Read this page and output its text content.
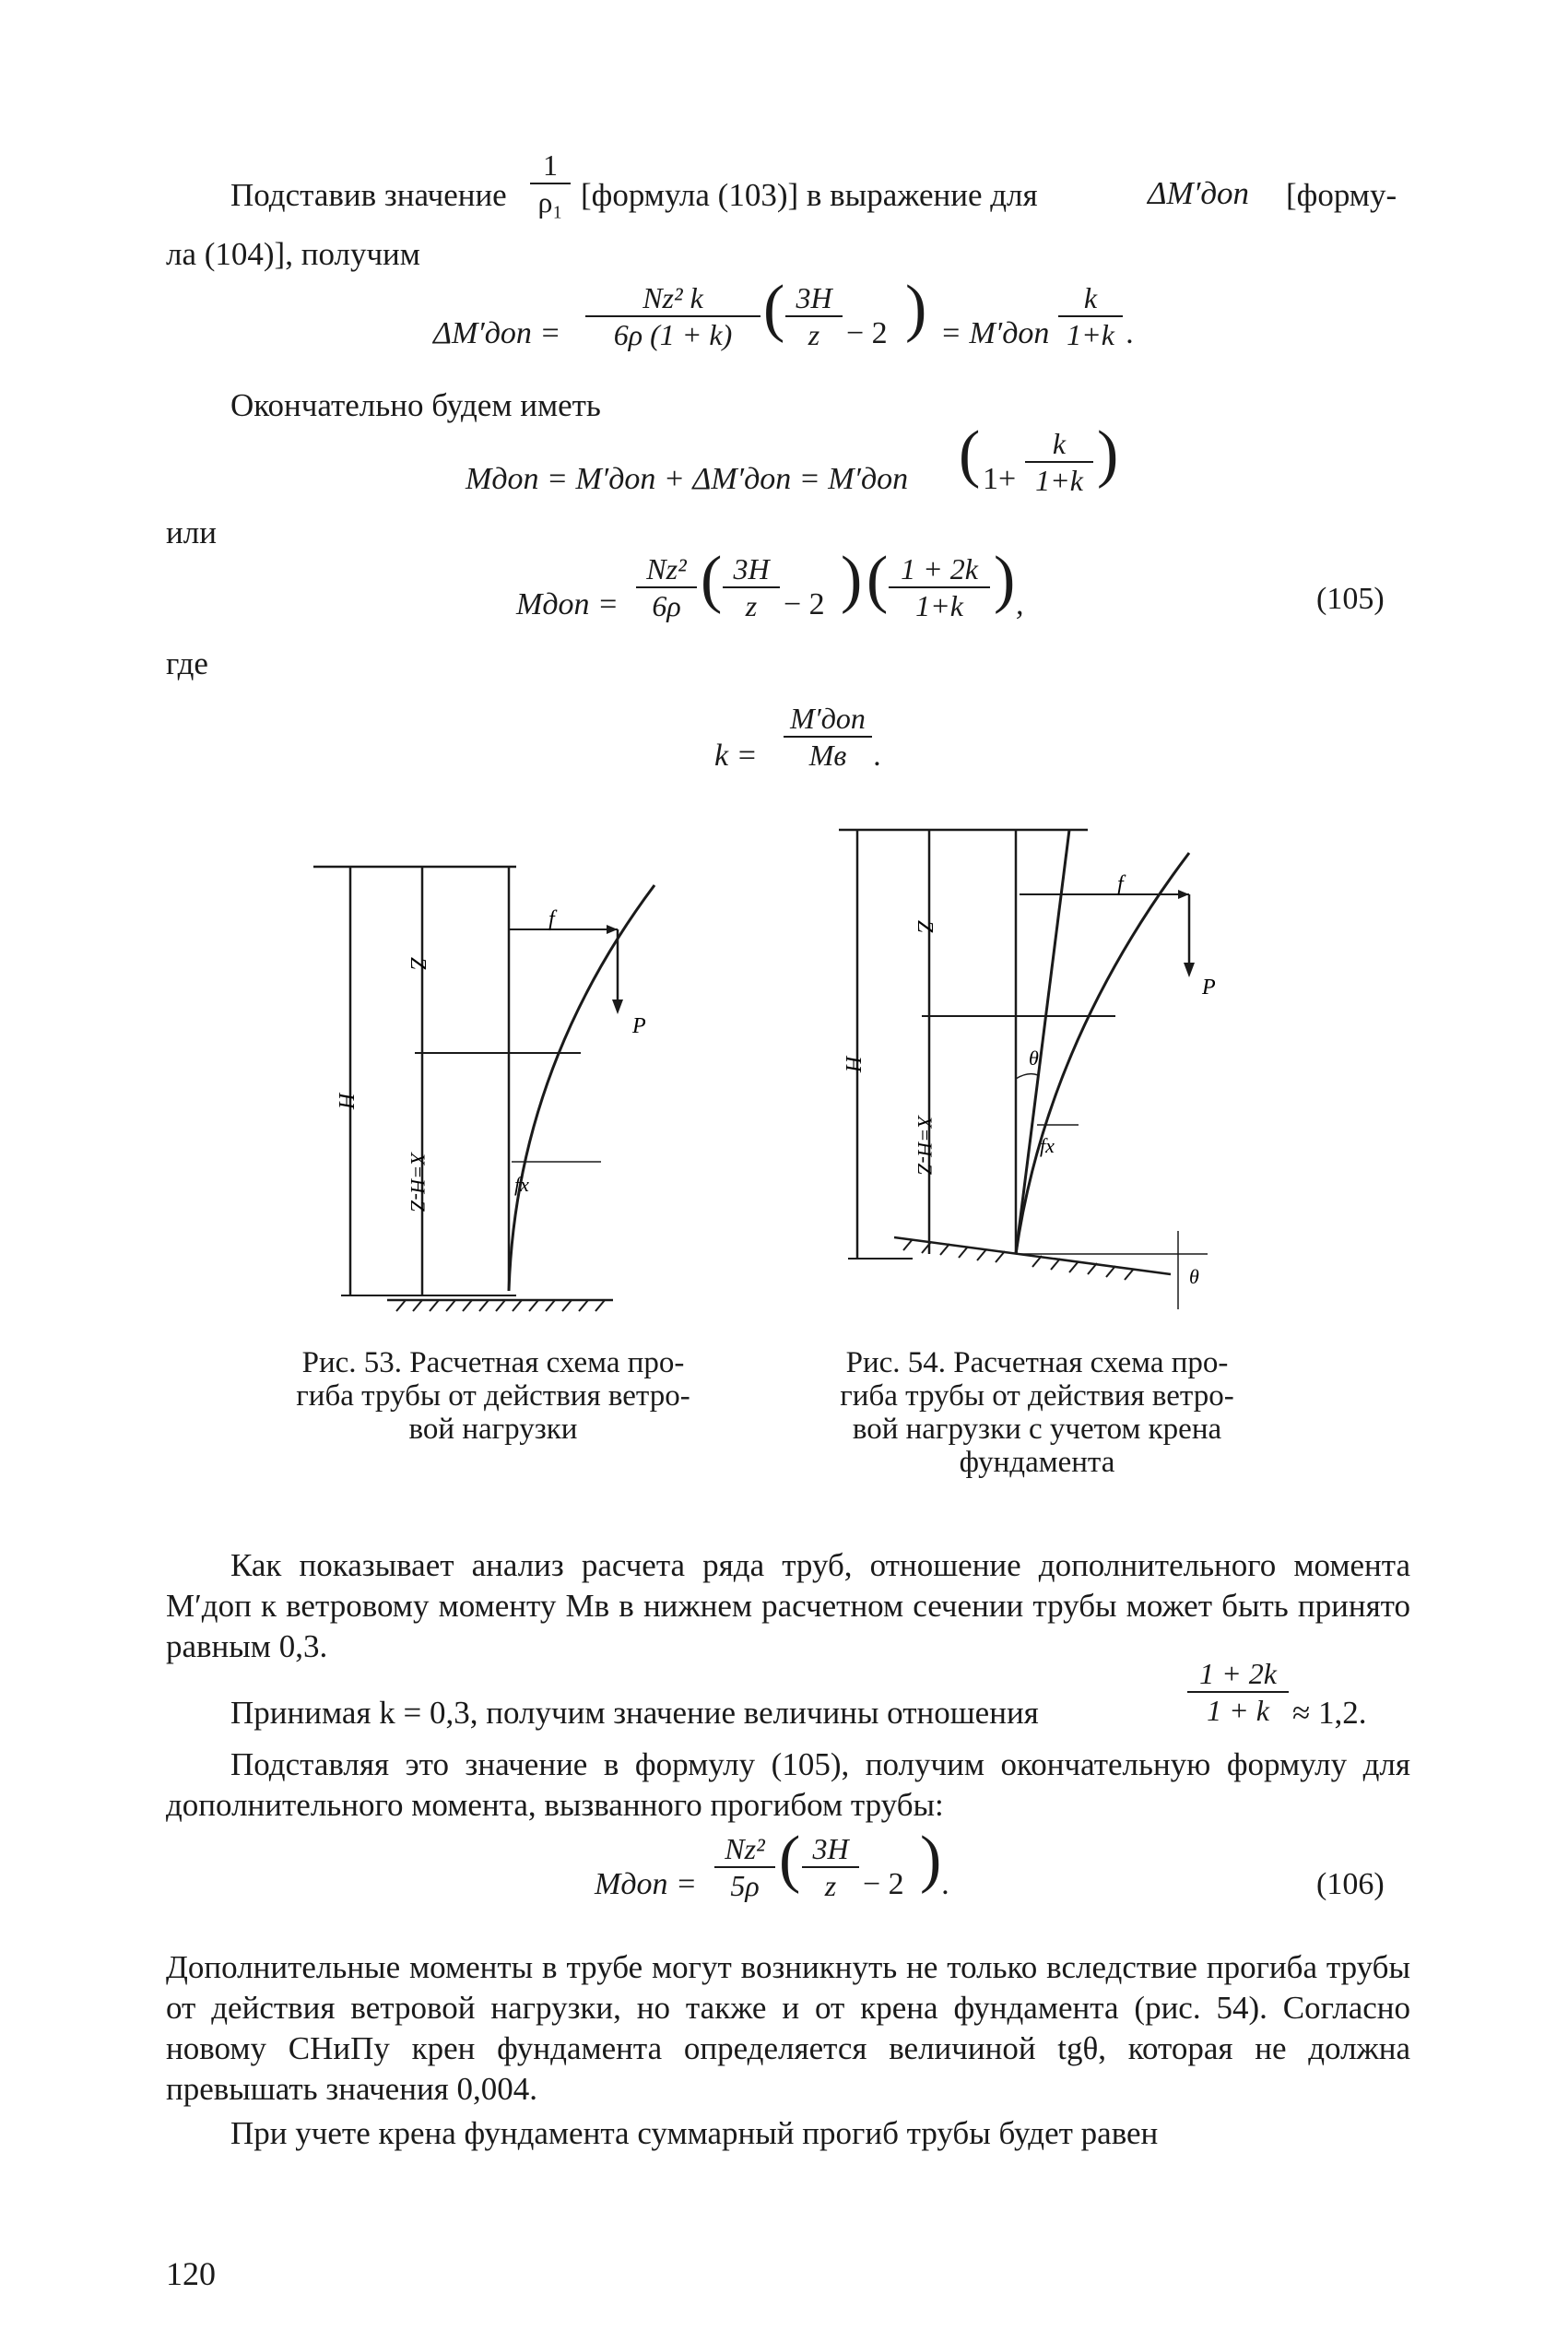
Подставив значение $\frac{1}{\text{ρ₁}}$ [формула (103)] в выражение для	ΔM′доп [форму-
ла (104)], получим
$\Delta M'доп = \frac{\text{Nz² k}}{6\rho (1 + k)}$ ( $\frac{3H}{z} - 2$ ) = $M'доп \frac{k}{1+k}$ .
Окончательно будем иметь
Mдоп = M′доп + ΔM′доп = M′доп ( $1+ \frac{k}{1+k}$ )
или
Mдоп = $\frac{\text{Nz²}}{6\rho}$ ( $\frac{3H}{z} - 2$ ) ( $\frac{1 + 2k}{1+k}$ ) ,	(105)
где
k =
M′доп
Mв .
H
Z
X=H-Z
f
P
fx
H
Z
X=H-Z
f
P
θ
fx
θ
Рис. 53. Расчетная схема про-
гиба трубы от действия ветро-
вой нагрузки
Рис. 54. Расчетная схема про-
гиба трубы от действия ветро-
вой нагрузки с учетом крена
фундамента
Как показывает анализ расчета ряда труб, отношение дополнительного момента M′доп к ветровому моменту Mв в нижнем расчетном сечении трубы может быть принято равным 0,3.
Принимая k = 0,3, получим значение величины отношения	$\frac{1 + 2k}{1 + k} \approx 1,2$.
Подставляя это значение в формулу (105), получим окончательную формулу для дополнительного момента, вызванного прогибом трубы:
Mдоп = $\frac{\text{Nz²}}{5\rho}$ ( $\frac{3H}{z} - 2$ ) .	(106)
Дополнительные моменты в трубе могут возникнуть не только вследствие прогиба трубы от действия ветровой нагрузки, но также и от крена фундамента (рис. 54). Согласно новому СНиПу крен фундамента определяется величиной tgθ, которая не должна превышать значения 0,004.
При учете крена фундамента суммарный прогиб трубы будет равен
120
